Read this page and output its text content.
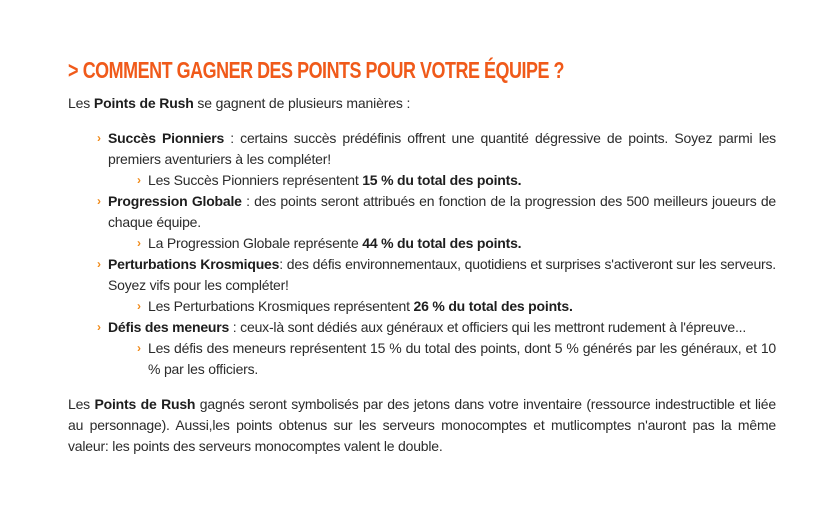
> COMMENT GAGNER DES POINTS POUR VOTRE ÉQUIPE ?

Les Points de Rush se gagnent de plusieurs manières :

› Succès Pionniers : certains succès prédéfinis offrent une quantité dégressive de points. Soyez parmi les premiers aventuriers à les compléter!
› Les Succès Pionniers représentent 15 % du total des points.
› Progression Globale : des points seront attribués en fonction de la progression des 500 meilleurs joueurs de chaque équipe.
› La Progression Globale représente 44 % du total des points.
› Perturbations Krosmiques: des défis environnementaux, quotidiens et surprises s'activeront sur les serveurs. Soyez vifs pour les compléter!
› Les Perturbations Krosmiques représentent 26 % du total des points.
› Défis des meneurs : ceux-là sont dédiés aux généraux et officiers qui les mettront rudement à l'épreuve...
› Les défis des meneurs représentent 15 % du total des points, dont 5 % générés par les généraux, et 10 % par les officiers.

Les Points de Rush gagnés seront symbolisés par des jetons dans votre inventaire (ressource indestructible et liée au personnage). Aussi,les points obtenus sur les serveurs monocomptes et mutlicomptes n'auront pas la même valeur: les points des serveurs monocomptes valent le double.
